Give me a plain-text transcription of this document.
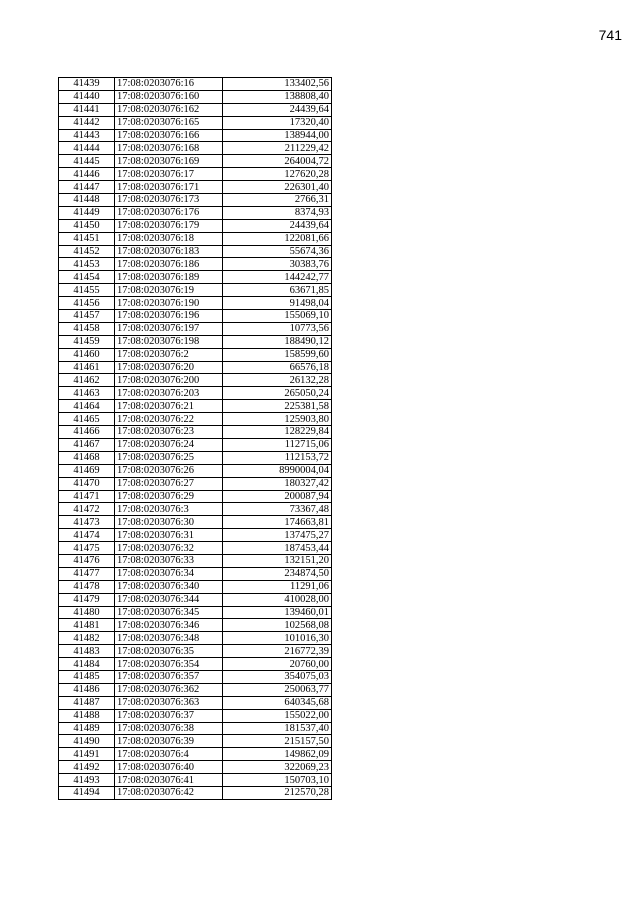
741
41439	17:08:0203076:16	133402,56
41440	17:08:0203076:160	138808,40
41441	17:08:0203076:162	24439,64
41442	17:08:0203076:165	17320,40
41443	17:08:0203076:166	138944,00
41444	17:08:0203076:168	211229,42
41445	17:08:0203076:169	264004,72
41446	17:08:0203076:17	127620,28
41447	17:08:0203076:171	226301,40
41448	17:08:0203076:173	2766,31
41449	17:08:0203076:176	8374,93
41450	17:08:0203076:179	24439,64
41451	17:08:0203076:18	122081,66
41452	17:08:0203076:183	55674,36
41453	17:08:0203076:186	30383,76
41454	17:08:0203076:189	144242,77
41455	17:08:0203076:19	63671,85
41456	17:08:0203076:190	91498,04
41457	17:08:0203076:196	155069,10
41458	17:08:0203076:197	10773,56
41459	17:08:0203076:198	188490,12
41460	17:08:0203076:2	158599,60
41461	17:08:0203076:20	66576,18
41462	17:08:0203076:200	26132,28
41463	17:08:0203076:203	265050,24
41464	17:08:0203076:21	225381,58
41465	17:08:0203076:22	125903,80
41466	17:08:0203076:23	128229,84
41467	17:08:0203076:24	112715,06
41468	17:08:0203076:25	112153,72
41469	17:08:0203076:26	8990004,04
41470	17:08:0203076:27	180327,42
41471	17:08:0203076:29	200087,94
41472	17:08:0203076:3	73367,48
41473	17:08:0203076:30	174663,81
41474	17:08:0203076:31	137475,27
41475	17:08:0203076:32	187453,44
41476	17:08:0203076:33	132151,20
41477	17:08:0203076:34	234874,50
41478	17:08:0203076:340	11291,06
41479	17:08:0203076:344	410028,00
41480	17:08:0203076:345	139460,01
41481	17:08:0203076:346	102568,08
41482	17:08:0203076:348	101016,30
41483	17:08:0203076:35	216772,39
41484	17:08:0203076:354	20760,00
41485	17:08:0203076:357	354075,03
41486	17:08:0203076:362	250063,77
41487	17:08:0203076:363	640345,68
41488	17:08:0203076:37	155022,00
41489	17:08:0203076:38	181537,40
41490	17:08:0203076:39	215157,50
41491	17:08:0203076:4	149862,09
41492	17:08:0203076:40	322069,23
41493	17:08:0203076:41	150703,10
41494	17:08:0203076:42	212570,28
